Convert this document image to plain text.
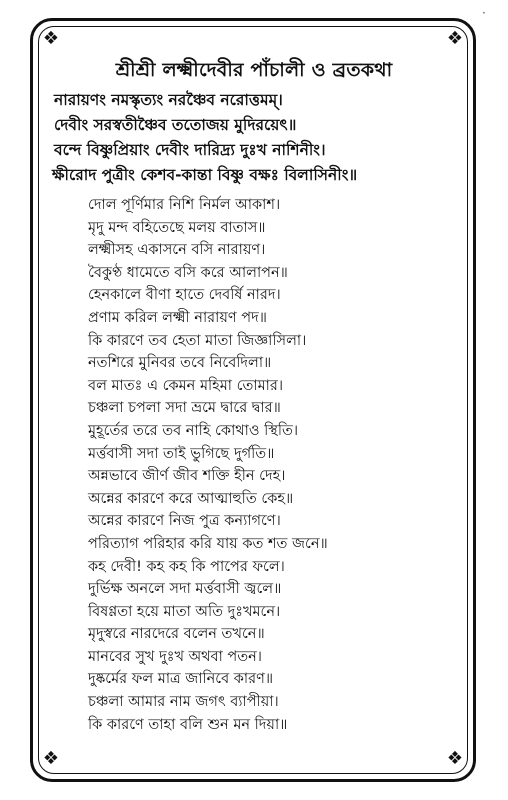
·
❖	❖
❖	❖
শ্রীশ্রী লক্ষ্মীদেবীর পাঁচালী ও ব্রতকথা
নারায়ণং নমস্কৃত্যং নরঞ্চৈব নরোত্তমম্।
দেবীং সরস্বতীঞ্চৈব ততোজয় মুদিরয়েৎ॥
বন্দে বিষ্ণুপ্রিয়াং দেবীং দারিদ্র্য দুঃখ নাশিনীং।
ক্ষীরোদ পুত্রীং কেশব-কান্তা বিষ্ণু বক্ষঃ বিলাসিনীং॥
দোল পূর্ণিমার নিশি নির্মল আকাশ।
মৃদু মন্দ বহিতেছে মলয় বাতাস॥
লক্ষ্মীসহ একাসনে বসি নারায়ণ।
বৈকুণ্ঠ ধামেতে বসি করে আলাপন॥
হেনকালে বীণা হাতে দেবর্ষি নারদ।
প্রণাম করিল লক্ষ্মী নারায়ণ পদ॥
কি কারণে তব হেতা মাতা জিজ্ঞাসিলা।
নতশিরে মুনিবর তবে নিবেদিলা॥
বল মাতঃ এ কেমন মহিমা তোমার।
চঞ্চলা চপলা সদা ভ্রমে দ্বারে দ্বার॥
মুহূর্তের তরে তব নাহি কোথাও স্থিতি।
মর্ত্তবাসী সদা তাই ভুগিছে দুর্গতি॥
অন্নভাবে জীর্ণ জীব শক্তি হীন দেহ।
অন্নের কারণে করে আত্মাহুতি কেহ॥
অন্নের কারণে নিজ পুত্র কন্যাগণে।
পরিত্যাগ পরিহার করি যায় কত শত জনে॥
কহ দেবী! কহ কহ কি পাপের ফলে।
দুর্ভিক্ষ অনলে সদা মর্ত্তবাসী জ্বলে॥
বিষণ্ণতা হয়ে মাতা অতি দুঃখমনে।
মৃদুস্বরে নারদেরে বলেন তখনে॥
মানবের সুখ দুঃখ অথবা পতন।
দুষ্কর্মের ফল মাত্র জানিবে কারণ॥
চঞ্চলা আমার নাম জগৎ ব্যাপীয়া।
কি কারণে তাহা বলি শুন মন দিয়া॥
